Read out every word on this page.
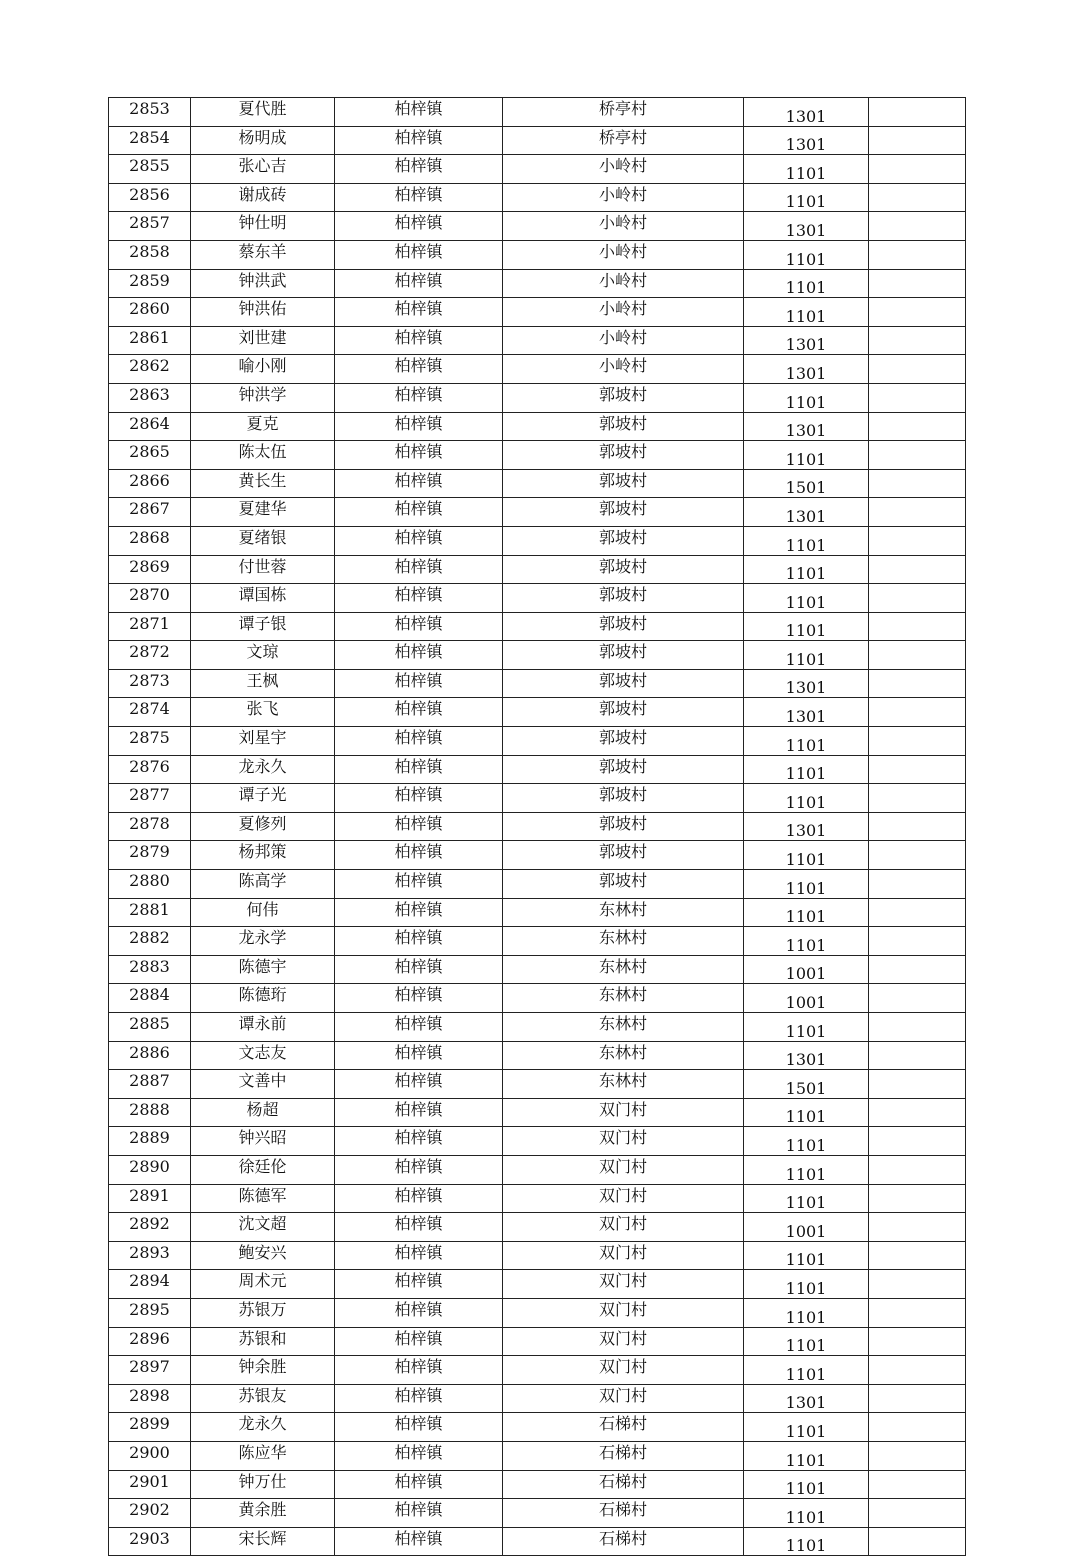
2853	夏代胜	柏梓镇	桥亭村	1301	
2854	杨明成	柏梓镇	桥亭村	1301	
2855	张心吉	柏梓镇	小岭村	1101	
2856	谢成砖	柏梓镇	小岭村	1101	
2857	钟仕明	柏梓镇	小岭村	1301	
2858	蔡东羊	柏梓镇	小岭村	1101	
2859	钟洪武	柏梓镇	小岭村	1101	
2860	钟洪佑	柏梓镇	小岭村	1101	
2861	刘世建	柏梓镇	小岭村	1301	
2862	喻小刚	柏梓镇	小岭村	1301	
2863	钟洪学	柏梓镇	郭坡村	1101	
2864	夏克	柏梓镇	郭坡村	1301	
2865	陈太伍	柏梓镇	郭坡村	1101	
2866	黄长生	柏梓镇	郭坡村	1501	
2867	夏建华	柏梓镇	郭坡村	1301	
2868	夏绪银	柏梓镇	郭坡村	1101	
2869	付世蓉	柏梓镇	郭坡村	1101	
2870	谭国栋	柏梓镇	郭坡村	1101	
2871	谭子银	柏梓镇	郭坡村	1101	
2872	文琼	柏梓镇	郭坡村	1101	
2873	王枫	柏梓镇	郭坡村	1301	
2874	张飞	柏梓镇	郭坡村	1301	
2875	刘星宇	柏梓镇	郭坡村	1101	
2876	龙永久	柏梓镇	郭坡村	1101	
2877	谭子光	柏梓镇	郭坡村	1101	
2878	夏修列	柏梓镇	郭坡村	1301	
2879	杨邦策	柏梓镇	郭坡村	1101	
2880	陈高学	柏梓镇	郭坡村	1101	
2881	何伟	柏梓镇	东林村	1101	
2882	龙永学	柏梓镇	东林村	1101	
2883	陈德宇	柏梓镇	东林村	1001	
2884	陈德珩	柏梓镇	东林村	1001	
2885	谭永前	柏梓镇	东林村	1101	
2886	文志友	柏梓镇	东林村	1301	
2887	文善中	柏梓镇	东林村	1501	
2888	杨超	柏梓镇	双门村	1101	
2889	钟兴昭	柏梓镇	双门村	1101	
2890	徐廷伦	柏梓镇	双门村	1101	
2891	陈德军	柏梓镇	双门村	1101	
2892	沈文超	柏梓镇	双门村	1001	
2893	鲍安兴	柏梓镇	双门村	1101	
2894	周术元	柏梓镇	双门村	1101	
2895	苏银万	柏梓镇	双门村	1101	
2896	苏银和	柏梓镇	双门村	1101	
2897	钟余胜	柏梓镇	双门村	1101	
2898	苏银友	柏梓镇	双门村	1301	
2899	龙永久	柏梓镇	石梯村	1101	
2900	陈应华	柏梓镇	石梯村	1101	
2901	钟万仕	柏梓镇	石梯村	1101	
2902	黄余胜	柏梓镇	石梯村	1101	
2903	宋长辉	柏梓镇	石梯村	1101	
